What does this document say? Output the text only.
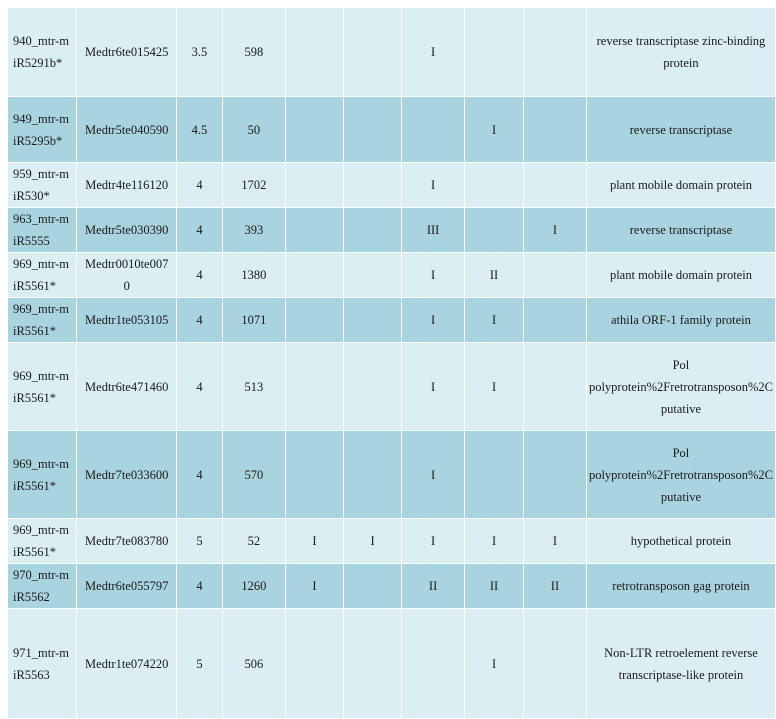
940_mtr-miR5291b*	Medtr6te015425	3.5	598			I			reverse transcriptase zinc-binding protein

949_mtr-miR5295b*	Medtr5te040590	4.5	50				I		reverse transcriptase

959_mtr-miR530*	Medtr4te116120	4	1702			I			plant mobile domain protein

963_mtr-miR5555	Medtr5te030390	4	393			III		I	reverse transcriptase

969_mtr-miR5561*	Medtr0010te0070	4	1380			I	II		plant mobile domain protein

969_mtr-miR5561*	Medtr1te053105	4	1071			I	I		athila ORF-1 family protein

969_mtr-miR5561*	Medtr6te471460	4	513			I	I		Pol polyprotein%2Fretrotransposon%2C putative

969_mtr-miR5561*	Medtr7te033600	4	570			I			Pol polyprotein%2Fretrotransposon%2C putative

969_mtr-miR5561*	Medtr7te083780	5	52	I	I	I	I	I	hypothetical protein

970_mtr-miR5562	Medtr6te055797	4	1260	I		II	II	II	retrotransposon gag protein

971_mtr-miR5563	Medtr1te074220	5	506				I		Non-LTR retroelement reverse transcriptase-like protein
